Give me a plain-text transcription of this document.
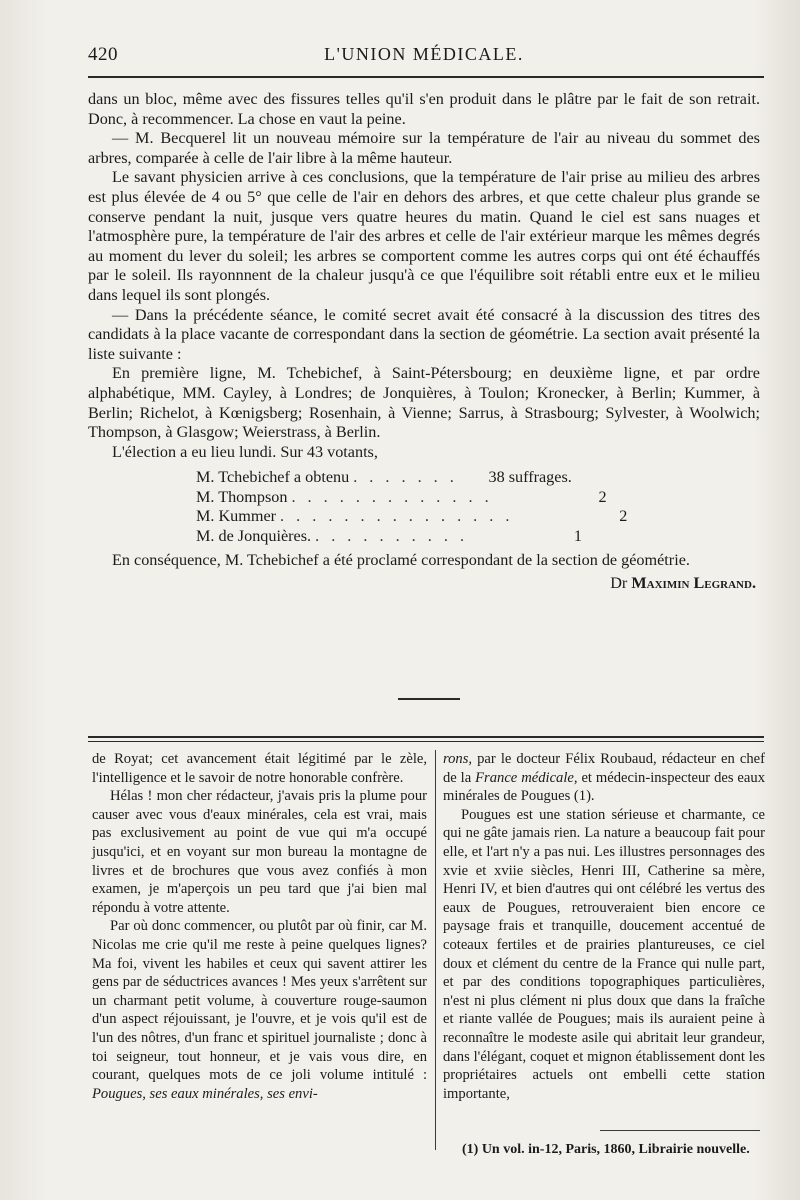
420	L'UNION MÉDICALE.

dans un bloc, même avec des fissures telles qu'il s'en produit dans le plâtre par le fait de son retrait. Donc, à recommencer. La chose en vaut la peine.

— M. Becquerel lit un nouveau mémoire sur la température de l'air au niveau du sommet des arbres, comparée à celle de l'air libre à la même hauteur.

Le savant physicien arrive à ces conclusions, que la température de l'air prise au milieu des arbres est plus élevée de 4 ou 5° que celle de l'air en dehors des arbres, et que cette chaleur plus grande se conserve pendant la nuit, jusque vers quatre heures du matin. Quand le ciel est sans nuages et l'atmosphère pure, la température de l'air des arbres et celle de l'air extérieur marque les mêmes degrés au moment du lever du soleil; les arbres se comportent comme les autres corps qui ont été échauffés par le soleil. Ils rayonnnent de la chaleur jusqu'à ce que l'équilibre soit rétabli entre eux et le milieu dans lequel ils sont plongés.

— Dans la précédente séance, le comité secret avait été consacré à la discussion des titres des candidats à la place vacante de correspondant dans la section de géométrie. La section avait présenté la liste suivante :

En première ligne, M. Tchebichef, à Saint-Pétersbourg; en deuxième ligne, et par ordre alphabétique, MM. Cayley, à Londres; de Jonquières, à Toulon; Kronecker, à Berlin; Kummer, à Berlin; Richelot, à Kœnigsberg; Rosenhain, à Vienne; Sarrus, à Strasbourg; Sylvester, à Woolwich; Thompson, à Glasgow; Weierstrass, à Berlin.

L'élection a eu lieu lundi. Sur 43 votants,

M. Tchebichef a obtenu . . . . . . .	38 suffrages.
M. Thompson . . . . . . . . . . . . .	2
M. Kummer . . . . . . . . . . . . . . .	2
M. de Jonquières. . . . . . . . . . .	1

En conséquence, M. Tchebichef a été proclamé correspondant de la section de géométrie.

Dr Maximin Legrand.

de Royat; cet avancement était légitimé par le zèle, l'intelligence et le savoir de notre honorable confrère.

Hélas ! mon cher rédacteur, j'avais pris la plume pour causer avec vous d'eaux minérales, cela est vrai, mais pas exclusivement au point de vue qui m'a occupé jusqu'ici, et en voyant sur mon bureau la montagne de livres et de brochures que vous avez confiés à mon examen, je m'aperçois un peu tard que j'ai bien mal répondu à votre attente.

Par où donc commencer, ou plutôt par où finir, car M. Nicolas me crie qu'il me reste à peine quelques lignes? Ma foi, vivent les habiles et ceux qui savent attirer les gens par de séductrices avances ! Mes yeux s'arrêtent sur un charmant petit volume, à couverture rouge-saumon d'un aspect réjouissant, je l'ouvre, et je vois qu'il est de l'un des nôtres, d'un franc et spirituel journaliste ; donc à toi seigneur, tout honneur, et je vais vous dire, en courant, quelques mots de ce joli volume intitulé : Pougues, ses eaux minérales, ses envi-

rons, par le docteur Félix Roubaud, rédacteur en chef de la France médicale, et médecin-inspecteur des eaux minérales de Pougues (1).

Pougues est une station sérieuse et charmante, ce qui ne gâte jamais rien. La nature a beaucoup fait pour elle, et l'art n'y a pas nui. Les illustres personnages des xvie et xviie siècles, Henri III, Catherine sa mère, Henri IV, et bien d'autres qui ont célébré les vertus des eaux de Pougues, retrouveraient bien encore ce paysage frais et tranquille, doucement accentué de coteaux fertiles et de prairies plantureuses, ce ciel doux et clément du centre de la France qui nulle part, et par des conditions topographiques particulières, n'est ni plus clément ni plus doux que dans la fraîche et riante vallée de Pougues; mais ils auraient peine à reconnaître le modeste asile qui abritait leur grandeur, dans l'élégant, coquet et mignon établissement dont les propriétaires actuels ont embelli cette station importante,

(1) Un vol. in-12, Paris, 1860, Librairie nouvelle.
